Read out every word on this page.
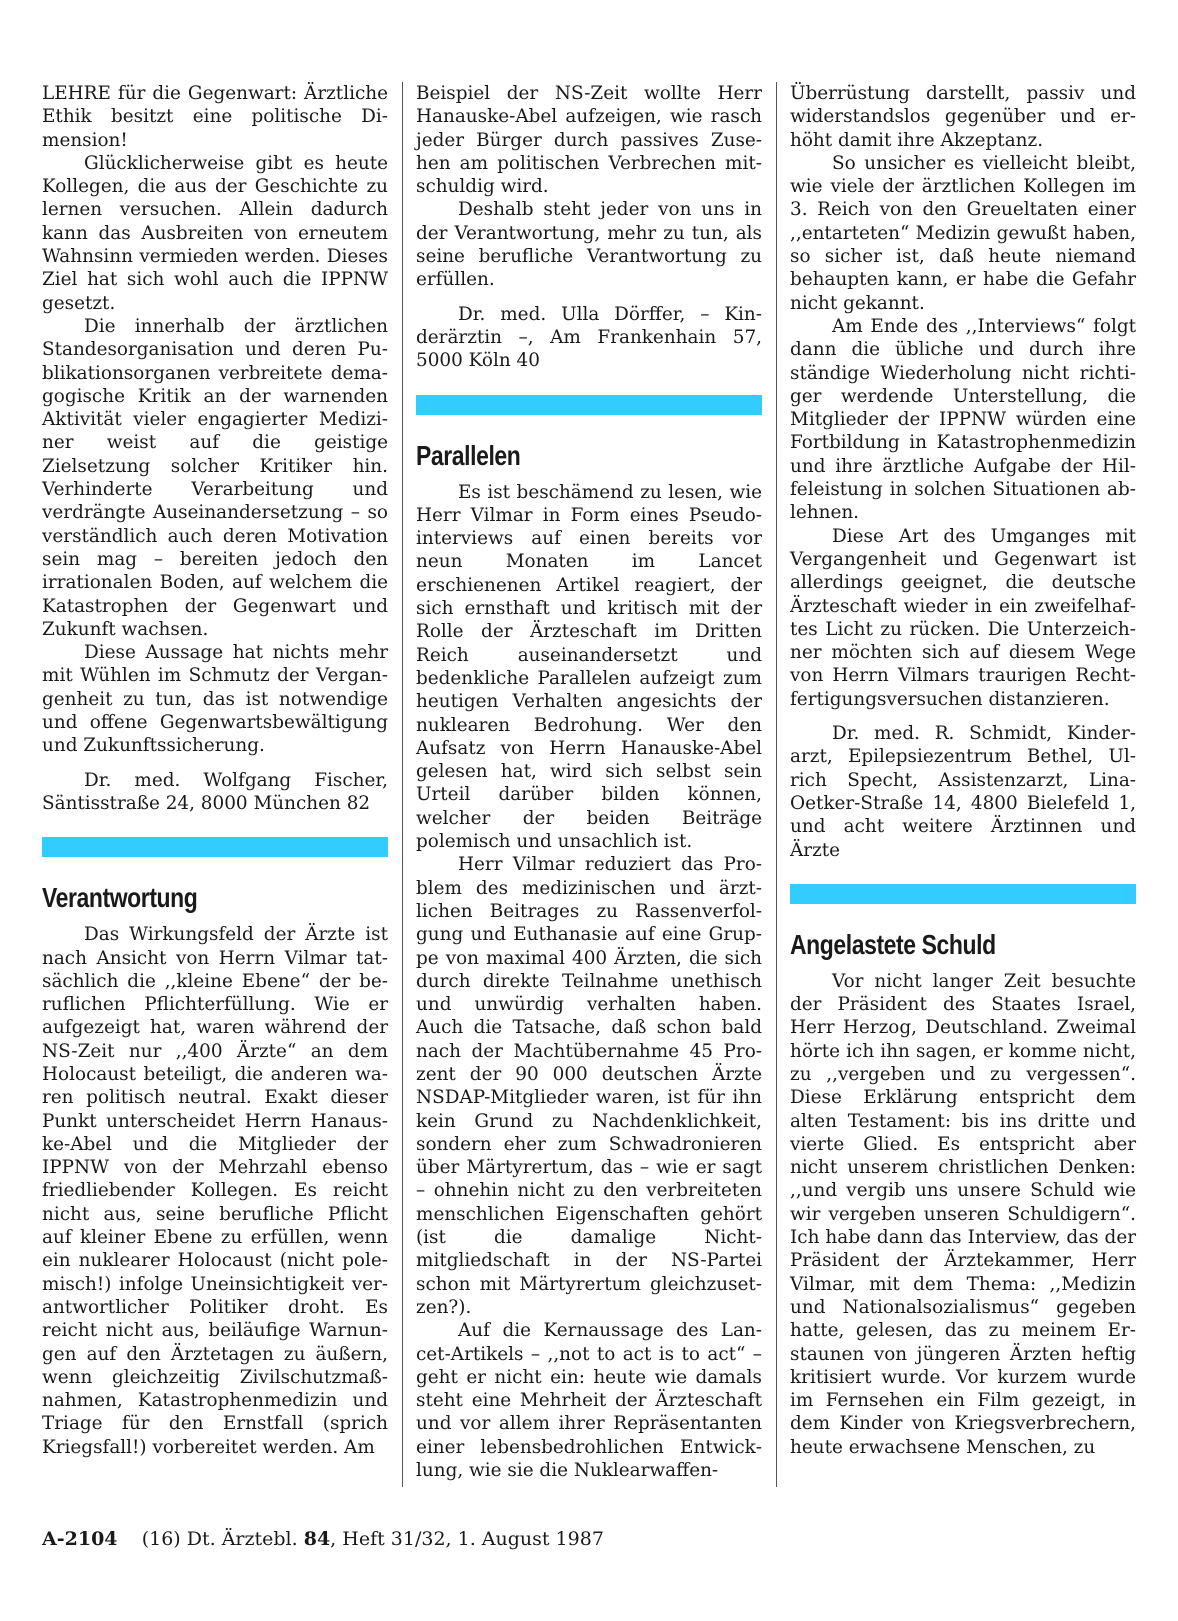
LEHRE für die Gegenwart: Ärztliche Ethik besitzt eine politische Dimension!

Glücklicherweise gibt es heute Kollegen, die aus der Geschichte zu lernen versuchen. Allein dadurch kann das Ausbreiten von erneutem Wahnsinn vermieden werden. Dieses Ziel hat sich wohl auch die IPPNW gesetzt.

Die innerhalb der ärztlichen Standesorganisation und deren Publikationsorganen verbreitete demagogische Kritik an der warnenden Aktivität vieler engagierter Mediziner weist auf die geistige Zielsetzung solcher Kritiker hin. Verhinderte Verarbeitung und verdrängte Auseinandersetzung – so verständlich auch deren Motivation sein mag – bereiten jedoch den irrationalen Boden, auf welchem die Katastrophen der Gegenwart und Zukunft wachsen.

Diese Aussage hat nichts mehr mit Wühlen im Schmutz der Vergangenheit zu tun, das ist notwendige und offene Gegenwartsbewältigung und Zukunftssicherung.

Dr. med. Wolfgang Fischer, Säntisstraße 24, 8000 München 82

Verantwortung

Das Wirkungsfeld der Ärzte ist nach Ansicht von Herrn Vilmar tatsächlich die ,,kleine Ebene“ der beruflichen Pflichterfüllung. Wie er aufgezeigt hat, waren während der NS-Zeit nur ,,400 Ärzte“ an dem Holocaust beteiligt, die anderen waren politisch neutral. Exakt dieser Punkt unterscheidet Herrn Hanauske-Abel und die Mitglieder der IPPNW von der Mehrzahl ebenso friedliebender Kollegen. Es reicht nicht aus, seine berufliche Pflicht auf kleiner Ebene zu erfüllen, wenn ein nuklearer Holocaust (nicht polemisch!) infolge Uneinsichtigkeit verantwortlicher Politiker droht. Es reicht nicht aus, beiläufige Warnungen auf den Ärztetagen zu äußern, wenn gleichzeitig Zivilschutzmaßnahmen, Katastrophenmedizin und Triage für den Ernstfall (sprich Kriegsfall!) vorbereitet werden. Am

Beispiel der NS-Zeit wollte Herr Hanauske-Abel aufzeigen, wie rasch jeder Bürger durch passives Zusehen am politischen Verbrechen mitschuldig wird.

Deshalb steht jeder von uns in der Verantwortung, mehr zu tun, als seine berufliche Verantwortung zu erfüllen.

Dr. med. Ulla Dörffer, – Kinderärztin –, Am Frankenhain 57, 5000 Köln 40

Parallelen

Es ist beschämend zu lesen, wie Herr Vilmar in Form eines Pseudointerviews auf einen bereits vor neun Monaten im Lancet erschienenen Artikel reagiert, der sich ernsthaft und kritisch mit der Rolle der Ärzteschaft im Dritten Reich auseinandersetzt und bedenkliche Parallelen aufzeigt zum heutigen Verhalten angesichts der nuklearen Bedrohung. Wer den Aufsatz von Herrn Hanauske-Abel gelesen hat, wird sich selbst sein Urteil darüber bilden können, welcher der beiden Beiträge polemisch und unsachlich ist.

Herr Vilmar reduziert das Problem des medizinischen und ärztlichen Beitrages zu Rassenverfolgung und Euthanasie auf eine Gruppe von maximal 400 Ärzten, die sich durch direkte Teilnahme unethisch und unwürdig verhalten haben. Auch die Tatsache, daß schon bald nach der Machtübernahme 45 Prozent der 90 000 deutschen Ärzte NSDAP-Mitglieder waren, ist für ihn kein Grund zu Nachdenklichkeit, sondern eher zum Schwadronieren über Märtyrertum, das – wie er sagt – ohnehin nicht zu den verbreiteten menschlichen Eigenschaften gehört (ist die damalige Nichtmitgliedschaft in der NS-Partei schon mit Märtyrertum gleichzusetzen?).

Auf die Kernaussage des Lancet-Artikels – ,,not to act is to act“ – geht er nicht ein: heute wie damals steht eine Mehrheit der Ärzteschaft und vor allem ihrer Repräsentanten einer lebensbedrohlichen Entwicklung, wie sie die Nuklearwaffen-

Überrüstung darstellt, passiv und widerstandslos gegenüber und erhöht damit ihre Akzeptanz.

So unsicher es vielleicht bleibt, wie viele der ärztlichen Kollegen im 3. Reich von den Greueltaten einer ,,entarteten“ Medizin gewußt haben, so sicher ist, daß heute niemand behaupten kann, er habe die Gefahr nicht gekannt.

Am Ende des ,,Interviews“ folgt dann die übliche und durch ihre ständige Wiederholung nicht richtiger werdende Unterstellung, die Mitglieder der IPPNW würden eine Fortbildung in Katastrophenmedizin und ihre ärztliche Aufgabe der Hilfeleistung in solchen Situationen ablehnen.

Diese Art des Umganges mit Vergangenheit und Gegenwart ist allerdings geeignet, die deutsche Ärzteschaft wieder in ein zweifelhaftes Licht zu rücken. Die Unterzeichner möchten sich auf diesem Wege von Herrn Vilmars traurigen Rechtfertigungsversuchen distanzieren.

Dr. med. R. Schmidt, Kinderarzt, Epilepsiezentrum Bethel, Ulrich Specht, Assistenzarzt, Lina-Oetker-Straße 14, 4800 Bielefeld 1, und acht weitere Ärztinnen und Ärzte

Angelastete Schuld

Vor nicht langer Zeit besuchte der Präsident des Staates Israel, Herr Herzog, Deutschland. Zweimal hörte ich ihn sagen, er komme nicht, zu ,,vergeben und zu vergessen“. Diese Erklärung entspricht dem alten Testament: bis ins dritte und vierte Glied. Es entspricht aber nicht unserem christlichen Denken: ,,und vergib uns unsere Schuld wie wir vergeben unseren Schuldigern“. Ich habe dann das Interview, das der Präsident der Ärztekammer, Herr Vilmar, mit dem Thema: ,,Medizin und Nationalsozialismus“ gegeben hatte, gelesen, das zu meinem Erstaunen von jüngeren Ärzten heftig kritisiert wurde. Vor kurzem wurde im Fernsehen ein Film gezeigt, in dem Kinder von Kriegsverbrechern, heute erwachsene Menschen, zu

A-2104 (16) Dt. Ärztebl. 84, Heft 31/32, 1. August 1987
